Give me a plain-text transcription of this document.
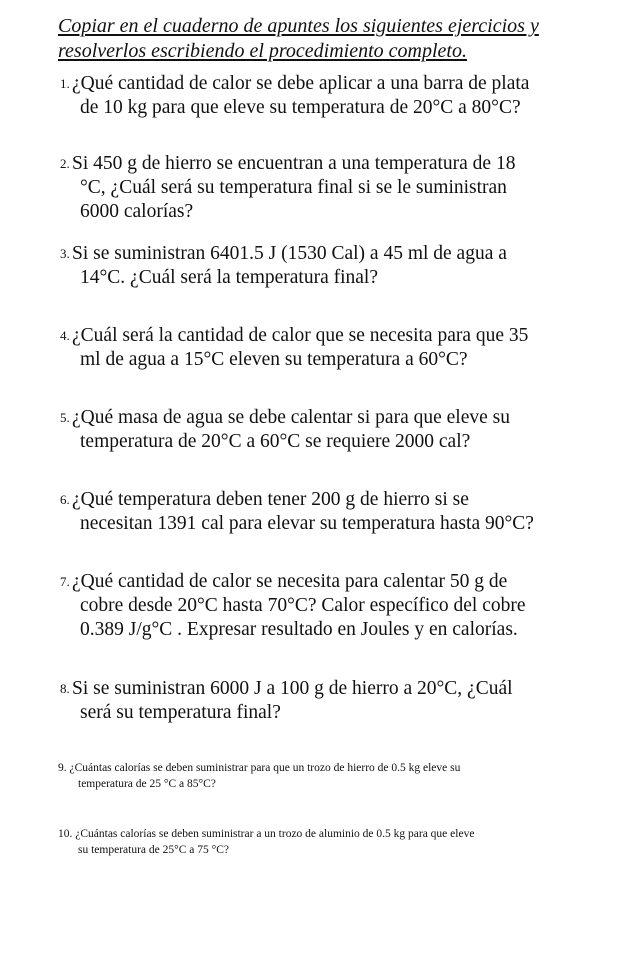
Copiar en el cuaderno de apuntes los siguientes ejercicios y
resolverlos escribiendo el procedimiento completo.
1. ¿Qué cantidad de calor se debe aplicar a una barra de plata
de 10 kg para que eleve su temperatura de 20°C a 80°C?
2. Si 450 g de hierro se encuentran a una temperatura de 18
°C, ¿Cuál será su temperatura final si se le suministran
6000 calorías?
3. Si se suministran 6401.5 J (1530 Cal) a 45 ml de agua a
14°C. ¿Cuál será la temperatura final?
4. ¿Cuál será la cantidad de calor que se necesita para que 35
ml de agua a 15°C eleven su temperatura a 60°C?
5. ¿Qué masa de agua se debe calentar si para que eleve su
temperatura de 20°C a 60°C se requiere 2000 cal?
6. ¿Qué temperatura deben tener 200 g de hierro si se
necesitan 1391 cal para elevar su temperatura hasta 90°C?
7. ¿Qué cantidad de calor se necesita para calentar 50 g de
cobre desde 20°C hasta 70°C? Calor específico del cobre
0.389 J/g°C . Expresar resultado en Joules y en calorías.
8. Si se suministran 6000 J a 100 g de hierro a 20°C, ¿Cuál
será su temperatura final?
9. ¿Cuántas calorías se deben suministrar para que un trozo de hierro de 0.5 kg eleve su
temperatura de 25 °C a 85°C?
10. ¿Cuántas calorías se deben suministrar a un trozo de aluminio de 0.5 kg para que eleve
su temperatura de 25°C a 75 °C?
